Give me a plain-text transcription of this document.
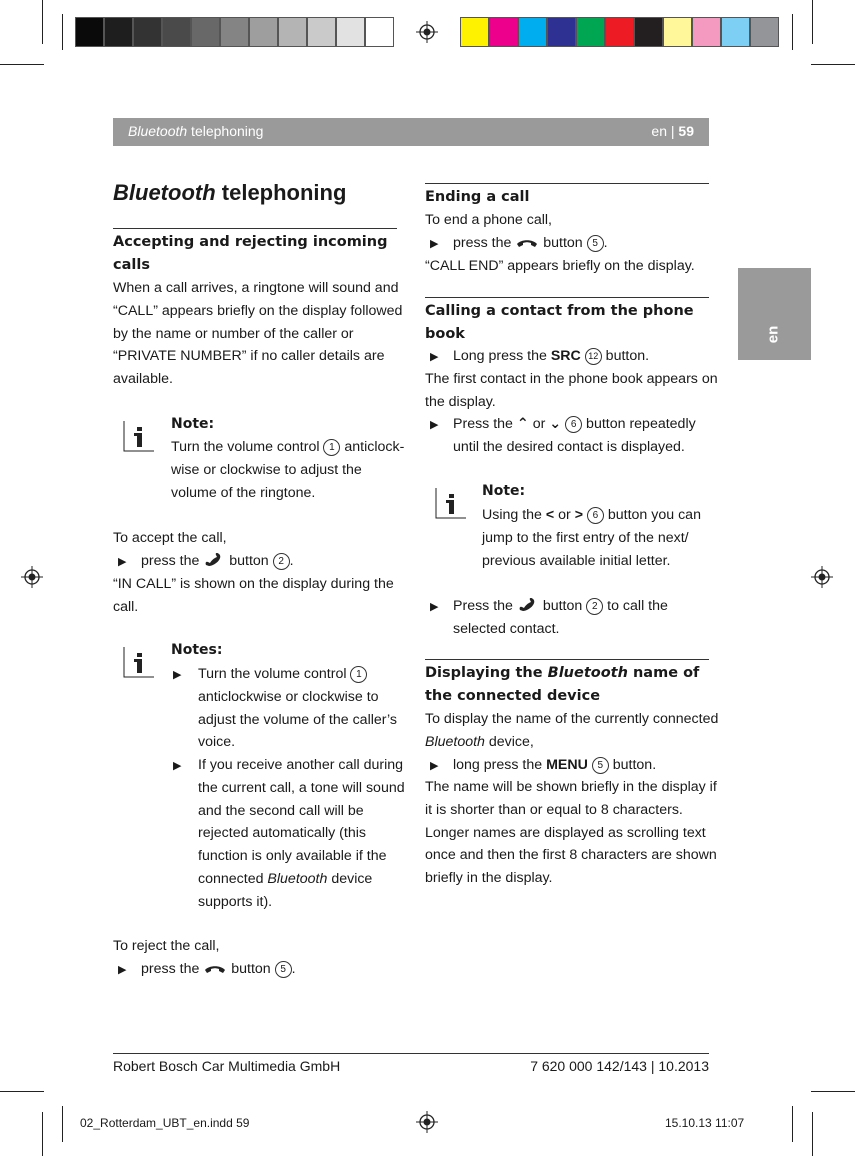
Bluetooth telephoning	en | 59
en
Bluetooth telephoning
Accepting and rejecting incoming
calls
When a call arrives, a ringtone will sound and
“CALL” appears briefly on the display followed
by the name or number of the caller or
“PRIVATE NUMBER” if no caller details are
available.
Note:
Turn the volume control 1 anticlock-
wise or clockwise to adjust the
volume of the ringtone.
To accept the call,
▶ press the  button 2 .
“IN CALL” is shown on the display during the
call.
Notes:
▶ Turn the volume control 1
anticlockwise or clockwise to
adjust the volume of the caller’s
voice.
▶ If you receive another call during
the current call, a tone will sound
and the second call will be
rejected automatically (this
function is only available if the
connected Bluetooth device
supports it).
To reject the call,
▶ press the  button 5 .
Ending a call
To end a phone call,
▶ press the  button 5 .
“CALL END” appears briefly on the display.
Calling a contact from the phone
book
▶ Long press the SRC 12 button.
The first contact in the phone book appears on
the display.
▶ Press the ⌃ or ⌄ 6 button repeatedly
until the desired contact is displayed.
Note:
Using the < or > 6 button you can
jump to the first entry of the next/
previous available initial letter.
▶ Press the  button 2 to call the
selected contact.
Displaying the Bluetooth name of
the connected device
To display the name of the currently connected
Bluetooth device,
▶ long press the MENU 5 button.
The name will be shown briefly in the display if
it is shorter than or equal to 8 characters.
Longer names are displayed as scrolling text
once and then the first 8 characters are shown
briefly in the display.
Robert Bosch Car Multimedia GmbH	7 620 000 142/143 | 10.2013
02_Rotterdam_UBT_en.indd 59	15.10.13 11:07
